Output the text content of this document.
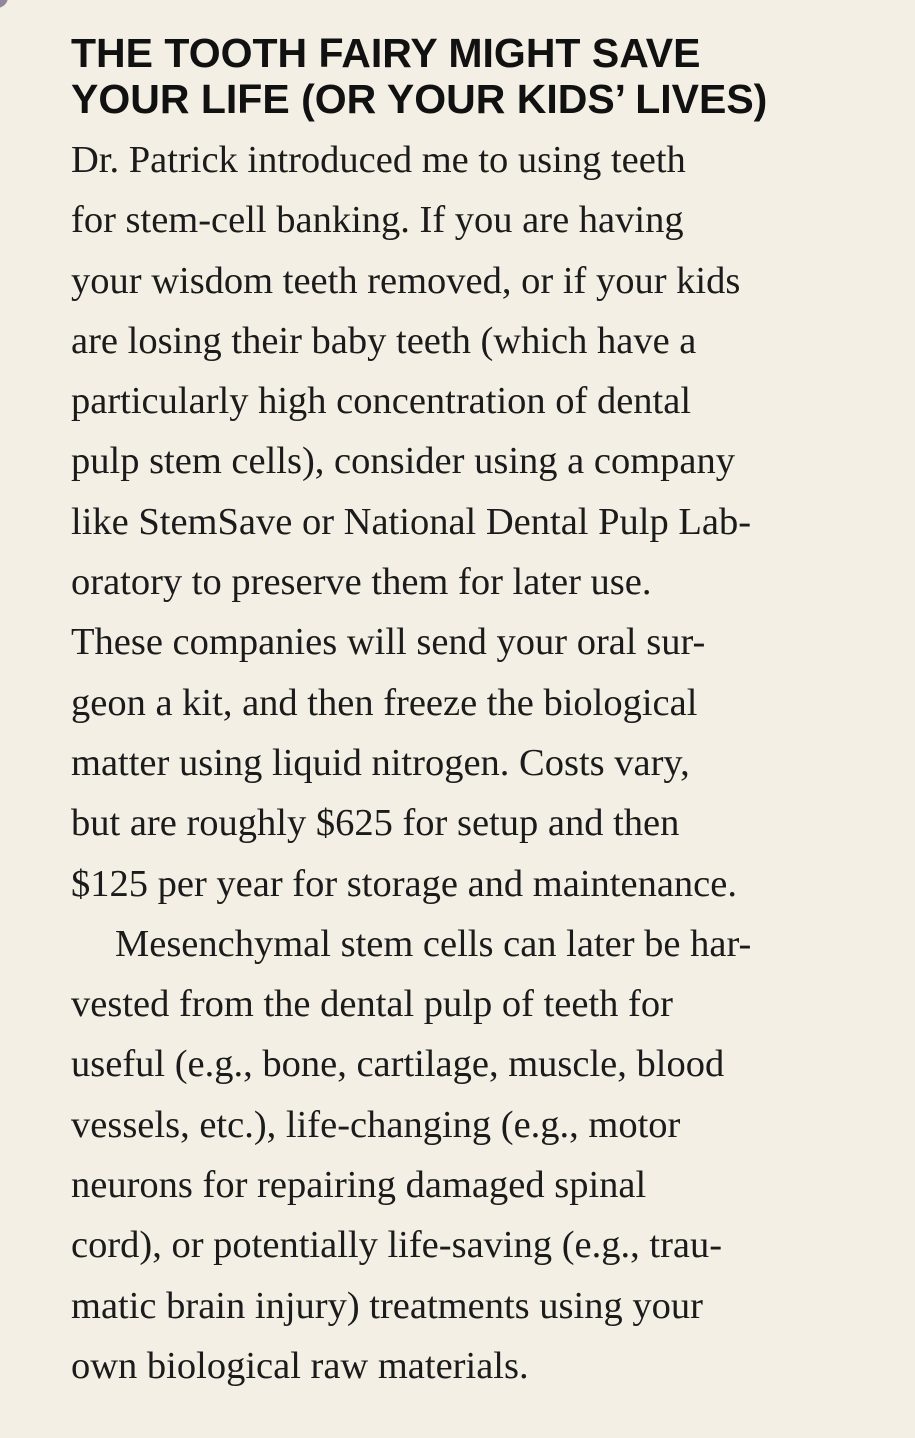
THE TOOTH FAIRY MIGHT SAVE
YOUR LIFE (OR YOUR KIDS’ LIVES)

Dr. Patrick introduced me to using teeth
for stem-cell banking. If you are having
your wisdom teeth removed, or if your kids
are losing their baby teeth (which have a
particularly high concentration of dental
pulp stem cells), consider using a company
like StemSave or National Dental Pulp Lab-
oratory to preserve them for later use.
These companies will send your oral sur-
geon a kit, and then freeze the biological
matter using liquid nitrogen. Costs vary,
but are roughly $625 for setup and then
$125 per year for storage and maintenance.

Mesenchymal stem cells can later be har-
vested from the dental pulp of teeth for
useful (e.g., bone, cartilage, muscle, blood
vessels, etc.), life-changing (e.g., motor
neurons for repairing damaged spinal
cord), or potentially life-saving (e.g., trau-
matic brain injury) treatments using your
own biological raw materials.
